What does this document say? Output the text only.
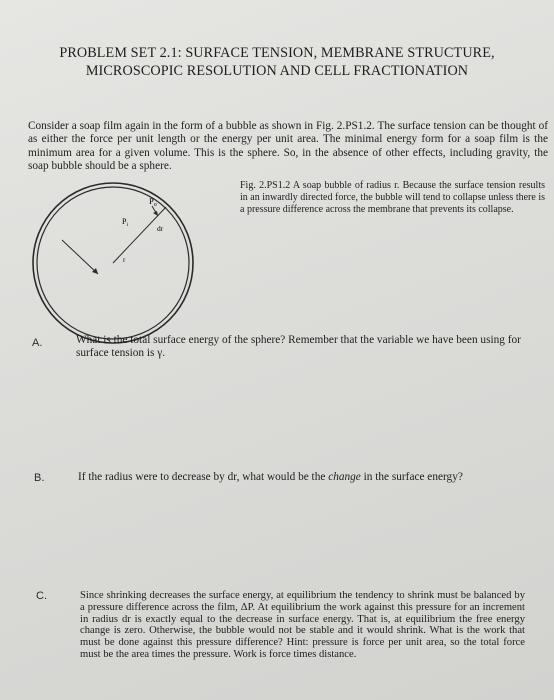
PROBLEM SET 2.1: SURFACE TENSION, MEMBRANE STRUCTURE,
MICROSCOPIC RESOLUTION AND CELL FRACTIONATION
Consider a soap film again in the form of a bubble as shown in Fig. 2.PS1.2. The surface tension can be thought of as either the force per unit length or the energy per unit area. The minimal energy form for a soap film is the minimum area for a given volume. This is the sphere. So, in the absence of other effects, including gravity, the soap bubble should be a sphere.
$P_o$
$P_i$	dr
r
Fig. 2.PS1.2 A soap bubble of radius r. Because the surface tension results in an inwardly directed force, the bubble will tend to collapse unless there is a pressure difference across the membrane that prevents its collapse.
A.	What is the total surface energy of the sphere? Remember that the variable we have been using for surface tension is γ.
B.	If the radius were to decrease by dr, what would be the change in the surface energy?
C.	Since shrinking decreases the surface energy, at equilibrium the tendency to shrink must be balanced by a pressure difference across the film, ΔP. At equilibrium the work against this pressure for an increment in radius dr is exactly equal to the decrease in surface energy. That is, at equilibrium the free energy change is zero. Otherwise, the bubble would not be stable and it would shrink. What is the work that must be done against this pressure difference? Hint: pressure is force per unit area, so the total force must be the area times the pressure. Work is force times distance.
